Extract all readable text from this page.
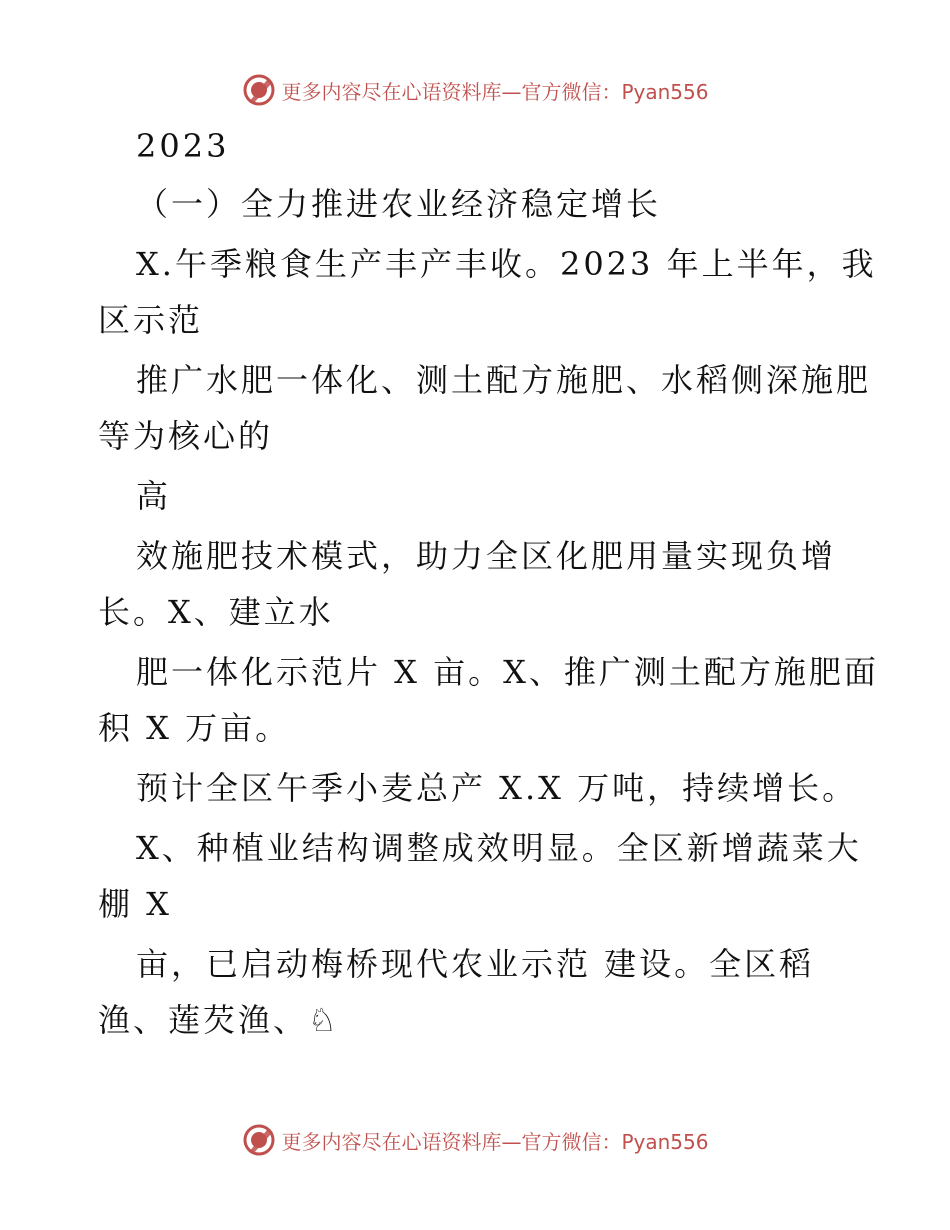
更多内容尽在心语资料库—官方微信：Pyan556
2023
（一）全力推进农业经济稳定增长
X.午季粮食生产丰产丰收。2023 年上半年，我
区示范
推广水肥一体化、测土配方施肥、水稻侧深施肥
等为核心的
高
效施肥技术模式，助力全区化肥用量实现负增
长。X、建立水
肥一体化示范片 X 亩。X、推广测土配方施肥面
积 X 万亩。
预计全区午季小麦总产 X.X 万吨，持续增长。
X、种植业结构调整成效明显。全区新增蔬菜大
棚 X
亩，已启动梅桥现代农业示范 建设。全区稻
渔、莲芡渔、♘
更多内容尽在心语资料库—官方微信：Pyan556
